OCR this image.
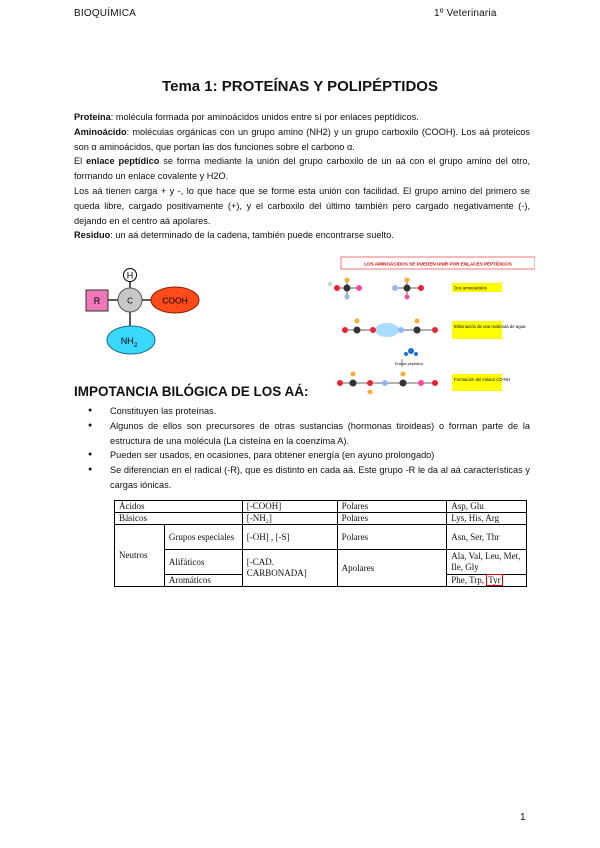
BIOQUÍMICA	1º Veterinaria
Tema 1: PROTEÍNAS Y POLIPÉPTIDOS

Proteína: molécula formada por aminoácidos unidos entre sí por enlaces peptídicos.

Aminoácido: moléculas orgánicas con un grupo amino (NH2) y un grupo carboxilo (COOH). Los aá proteicos son α aminoácidos, que portan las dos funciones sobre el carbono α.

El enlace peptídico se forma mediante la unión del grupo carboxilo de un aá con el grupo amino del otro, formando un enlace covalente y H2O.

Los aá tienen carga + y -, lo que hace que se forme esta unión con facilidad. El grupo amino del primero se queda libre, cargado positivamente (+), y el carboxilo del último también pero cargado negativamente (-), dejando en el centro aá apolares.

Residuo: un aá determinado de la cadena, también puede encontrarse suelto.

H
R	C	COOH
$NH_2$
LOS AMINOÁCIDOS SE PUEDEN UNIR POR ENLACES PEPTÍDICOS
Dos aminoácidos
Eliminación de una molécula de agua
Enlace peptídico
Formación del enlace CO-NH
IMPOTANCIA BILÓGICA DE LOS AÁ:
● Constituyen las proteínas.
● Algunos de ellos son precursores de otras sustancias (hormonas tiroideas) o forman parte de la estructura de una molécula (La cisteína en la coenzima A).
● Pueden ser usados, en ocasiones, para obtener energía (en ayuno prolongado)
● Se diferencian en el radical (-R), que es distinto en cada aá. Este grupo -R le da al aá características y cargas iónicas.
Ácidos		[-COOH]	Polares	Asp, Glu
Básicos		[-NH₂]	Polares	Lys, His, Arg
Neutros	Grupos especiales	[-OH] , [-S]	Polares	Asn, Ser, Thr
	Alifáticos	[-CAD. CARBONADA]	Apolares	Ala, Val, Leu, Met, Ile, Gly
	Aromáticos			Phe, Trp, Tyr
1
